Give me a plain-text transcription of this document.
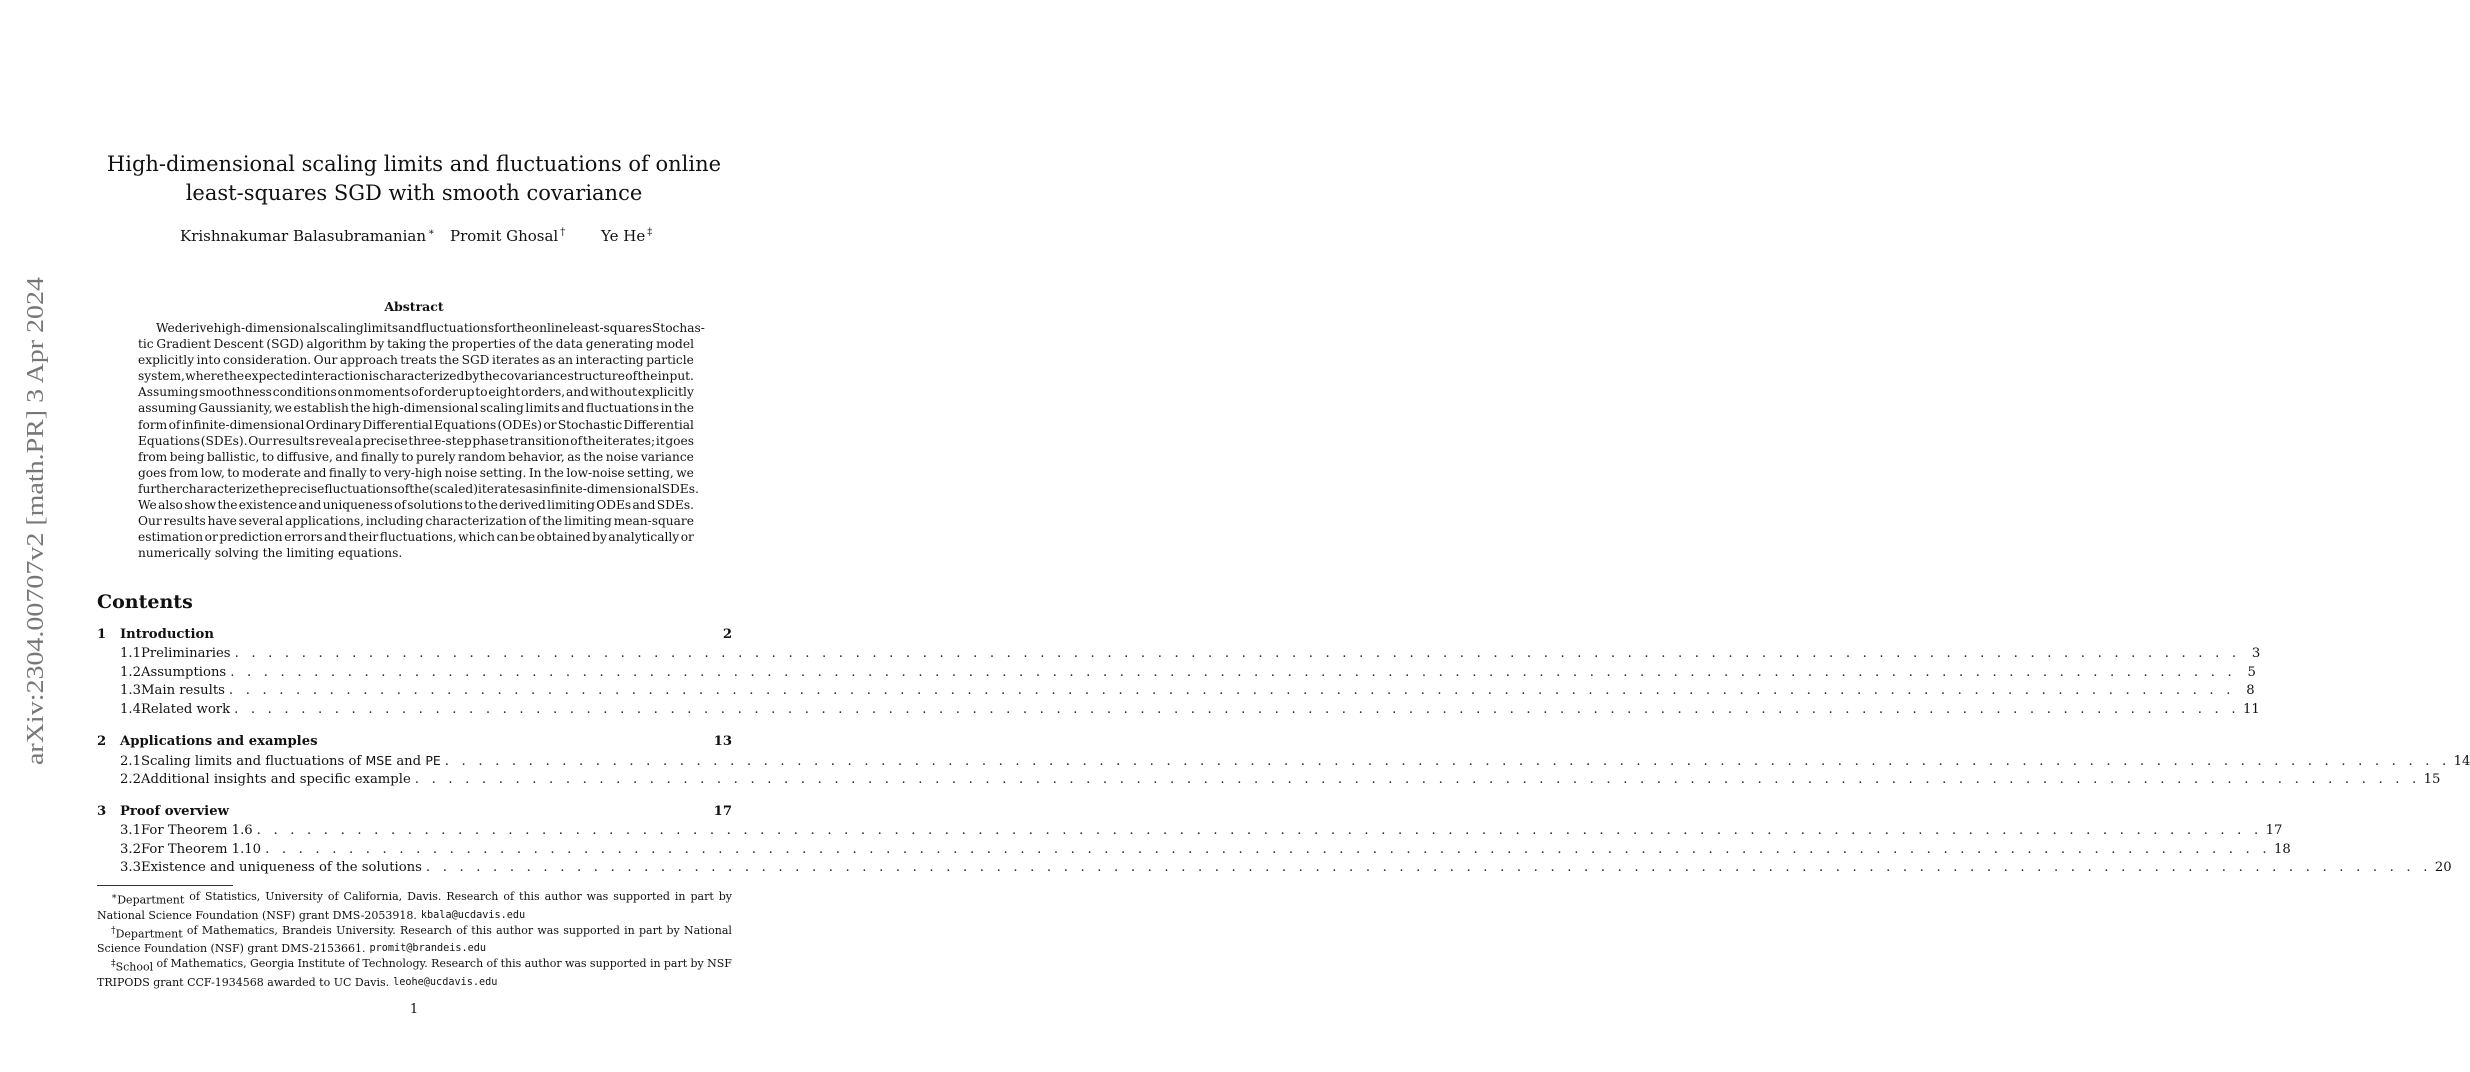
arXiv:2304.00707v2 [math.PR] 3 Apr 2024
High-dimensional scaling limits and fluctuations of online
least-squares SGD with smooth covariance
Krishnakumar Balasubramanian ∗ Promit Ghosal † Ye He ‡
Abstract
We derive high-dimensional scaling limits and fluctuations for the online least-squares Stochas-
tic Gradient Descent (SGD) algorithm by taking the properties of the data generating model
explicitly into consideration. Our approach treats the SGD iterates as an interacting particle
system, where the expected interaction is characterized by the covariance structure of the input.
Assuming smoothness conditions on moments of order up to eight orders, and without explicitly
assuming Gaussianity, we establish the high-dimensional scaling limits and fluctuations in the
form of infinite-dimensional Ordinary Differential Equations (ODEs) or Stochastic Differential
Equations (SDEs). Our results reveal a precise three-step phase transition of the iterates; it goes
from being ballistic, to diffusive, and finally to purely random behavior, as the noise variance
goes from low, to moderate and finally to very-high noise setting. In the low-noise setting, we
further characterize the precise fluctuations of the (scaled) iterates as infinite-dimensional SDEs.
We also show the existence and uniqueness of solutions to the derived limiting ODEs and SDEs.
Our results have several applications, including characterization of the limiting mean-square
estimation or prediction errors and their fluctuations, which can be obtained by analytically or
numerically solving the limiting equations.
Contents
1	Introduction	2
1.1 Preliminaries . . . . . . . . . . . . . . . . . . . . . . . . . . . . . . . . . . . . . . . . . . . . . . . . . . . . . . . . . . . . . . . . . . . . . . . . . . . . . . . . . . . . . . . . . . . . . . . . . . . . . . . . . . . . . . . . . . . . . . . . 3
1.2 Assumptions . . . . . . . . . . . . . . . . . . . . . . . . . . . . . . . . . . . . . . . . . . . . . . . . . . . . . . . . . . . . . . . . . . . . . . . . . . . . . . . . . . . . . . . . . . . . . . . . . . . . . . . . . . . . . . . . . . . . . . . . 5
1.3 Main results . . . . . . . . . . . . . . . . . . . . . . . . . . . . . . . . . . . . . . . . . . . . . . . . . . . . . . . . . . . . . . . . . . . . . . . . . . . . . . . . . . . . . . . . . . . . . . . . . . . . . . . . . . . . . . . . . . . . . . . . 8
1.4 Related work . . . . . . . . . . . . . . . . . . . . . . . . . . . . . . . . . . . . . . . . . . . . . . . . . . . . . . . . . . . . . . . . . . . . . . . . . . . . . . . . . . . . . . . . . . . . . . . . . . . . . . . . . . . . . . . . . . . . . . . . 11
2	Applications and examples	13
2.1 Scaling limits and fluctuations of MSE and PE . . . . . . . . . . . . . . . . . . . . . . . . . . . . . . . . . . . . . . . . . . . . . . . . . . . . . . . . . . . . . . . . . . . . . . . . . . . . . . . . . . . . . . . . . . . . . . . . . . . . . . . . . . . . . . . . . . . . . . . . 14
2.2 Additional insights and specific example . . . . . . . . . . . . . . . . . . . . . . . . . . . . . . . . . . . . . . . . . . . . . . . . . . . . . . . . . . . . . . . . . . . . . . . . . . . . . . . . . . . . . . . . . . . . . . . . . . . . . . . . . . . . . . . . . . . . . . . . 15
3	Proof overview	17
3.1 For Theorem 1.6 . . . . . . . . . . . . . . . . . . . . . . . . . . . . . . . . . . . . . . . . . . . . . . . . . . . . . . . . . . . . . . . . . . . . . . . . . . . . . . . . . . . . . . . . . . . . . . . . . . . . . . . . . . . . . . . . . . . . . . . . 17
3.2 For Theorem 1.10 . . . . . . . . . . . . . . . . . . . . . . . . . . . . . . . . . . . . . . . . . . . . . . . . . . . . . . . . . . . . . . . . . . . . . . . . . . . . . . . . . . . . . . . . . . . . . . . . . . . . . . . . . . . . . . . . . . . . . . . . 18
3.3 Existence and uniqueness of the solutions . . . . . . . . . . . . . . . . . . . . . . . . . . . . . . . . . . . . . . . . . . . . . . . . . . . . . . . . . . . . . . . . . . . . . . . . . . . . . . . . . . . . . . . . . . . . . . . . . . . . . . . . . . . . . . . . . . . . . . . . 20
∗Department of Statistics, University of California, Davis. Research of this author was supported in part by
National Science Foundation (NSF) grant DMS-2053918. kbala@ucdavis.edu
†Department of Mathematics, Brandeis University. Research of this author was supported in part by National
Science Foundation (NSF) grant DMS-2153661. promit@brandeis.edu
‡School of Mathematics, Georgia Institute of Technology. Research of this author was supported in part by NSF
TRIPODS grant CCF-1934568 awarded to UC Davis. leohe@ucdavis.edu
1
